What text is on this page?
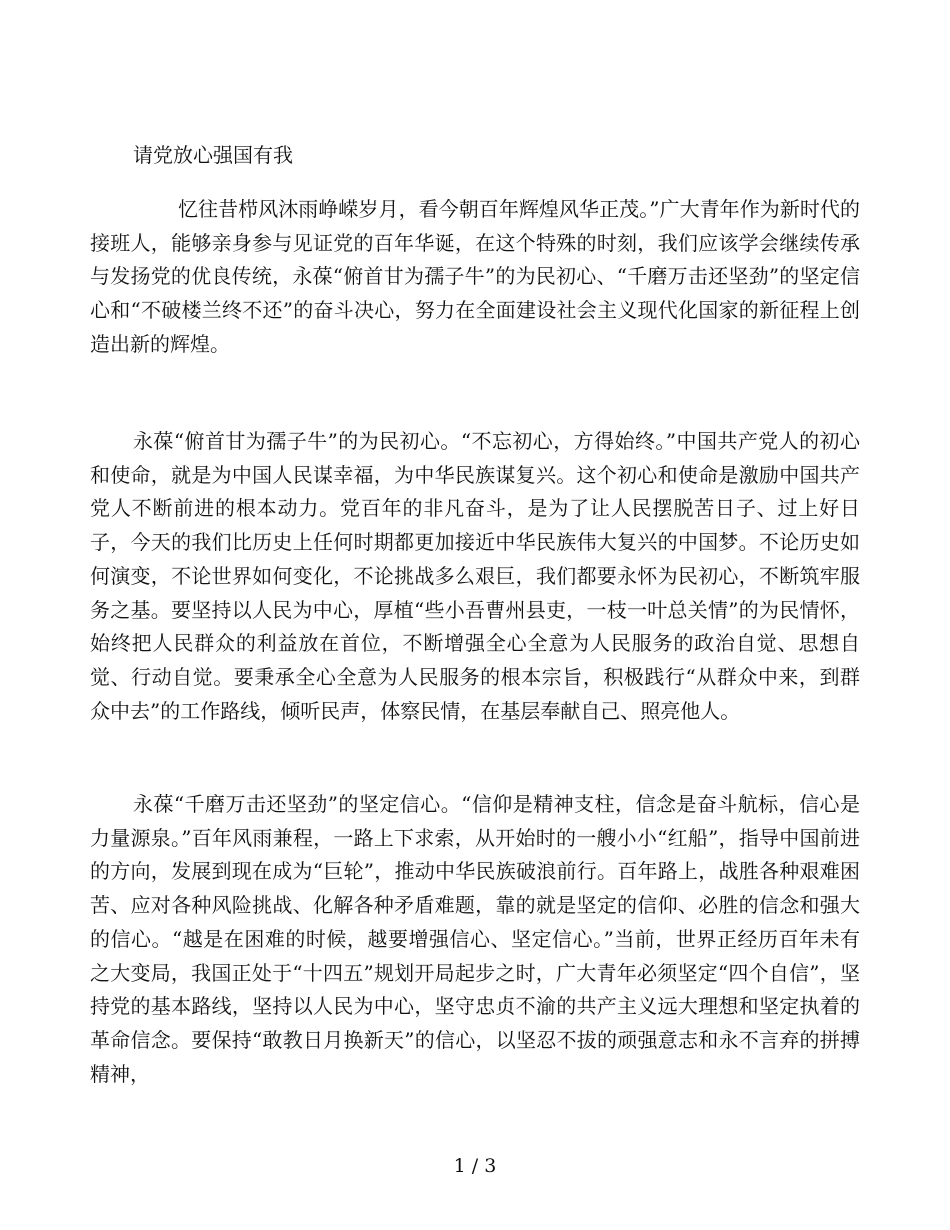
请党放心强国有我

忆往昔栉风沐雨峥嵘岁月，看今朝百年辉煌风华正茂。”广大青年作为新时代的接班人，能够亲身参与见证党的百年华诞，在这个特殊的时刻，我们应该学会继续传承与发扬党的优良传统，永葆“俯首甘为孺子牛”的为民初心、“千磨万击还坚劲”的坚定信心和“不破楼兰终不还”的奋斗决心，努力在全面建设社会主义现代化国家的新征程上创造出新的辉煌。

永葆“俯首甘为孺子牛”的为民初心。“不忘初心，方得始终。”中国共产党人的初心和使命，就是为中国人民谋幸福，为中华民族谋复兴。这个初心和使命是激励中国共产党人不断前进的根本动力。党百年的非凡奋斗，是为了让人民摆脱苦日子、过上好日子，今天的我们比历史上任何时期都更加接近中华民族伟大复兴的中国梦。不论历史如何演变，不论世界如何变化，不论挑战多么艰巨，我们都要永怀为民初心，不断筑牢服务之基。要坚持以人民为中心，厚植“些小吾曹州县吏，一枝一叶总关情”的为民情怀，始终把人民群众的利益放在首位，不断增强全心全意为人民服务的政治自觉、思想自觉、行动自觉。要秉承全心全意为人民服务的根本宗旨，积极践行“从群众中来，到群众中去”的工作路线，倾听民声，体察民情，在基层奉献自己、照亮他人。

永葆“千磨万击还坚劲”的坚定信心。“信仰是精神支柱，信念是奋斗航标，信心是力量源泉。”百年风雨兼程，一路上下求索，从开始时的一艘小小“红船”，指导中国前进的方向，发展到现在成为“巨轮”，推动中华民族破浪前行。百年路上，战胜各种艰难困苦、应对各种风险挑战、化解各种矛盾难题，靠的就是坚定的信仰、必胜的信念和强大的信心。“越是在困难的时候，越要增强信心、坚定信心。”当前，世界正经历百年未有之大变局，我国正处于“十四五”规划开局起步之时，广大青年必须坚定“四个自信”，坚持党的基本路线，坚持以人民为中心，坚守忠贞不渝的共产主义远大理想和坚定执着的革命信念。要保持“敢教日月换新天”的信心，以坚忍不拔的顽强意志和永不言弃的拼搏精神，

1 / 3
